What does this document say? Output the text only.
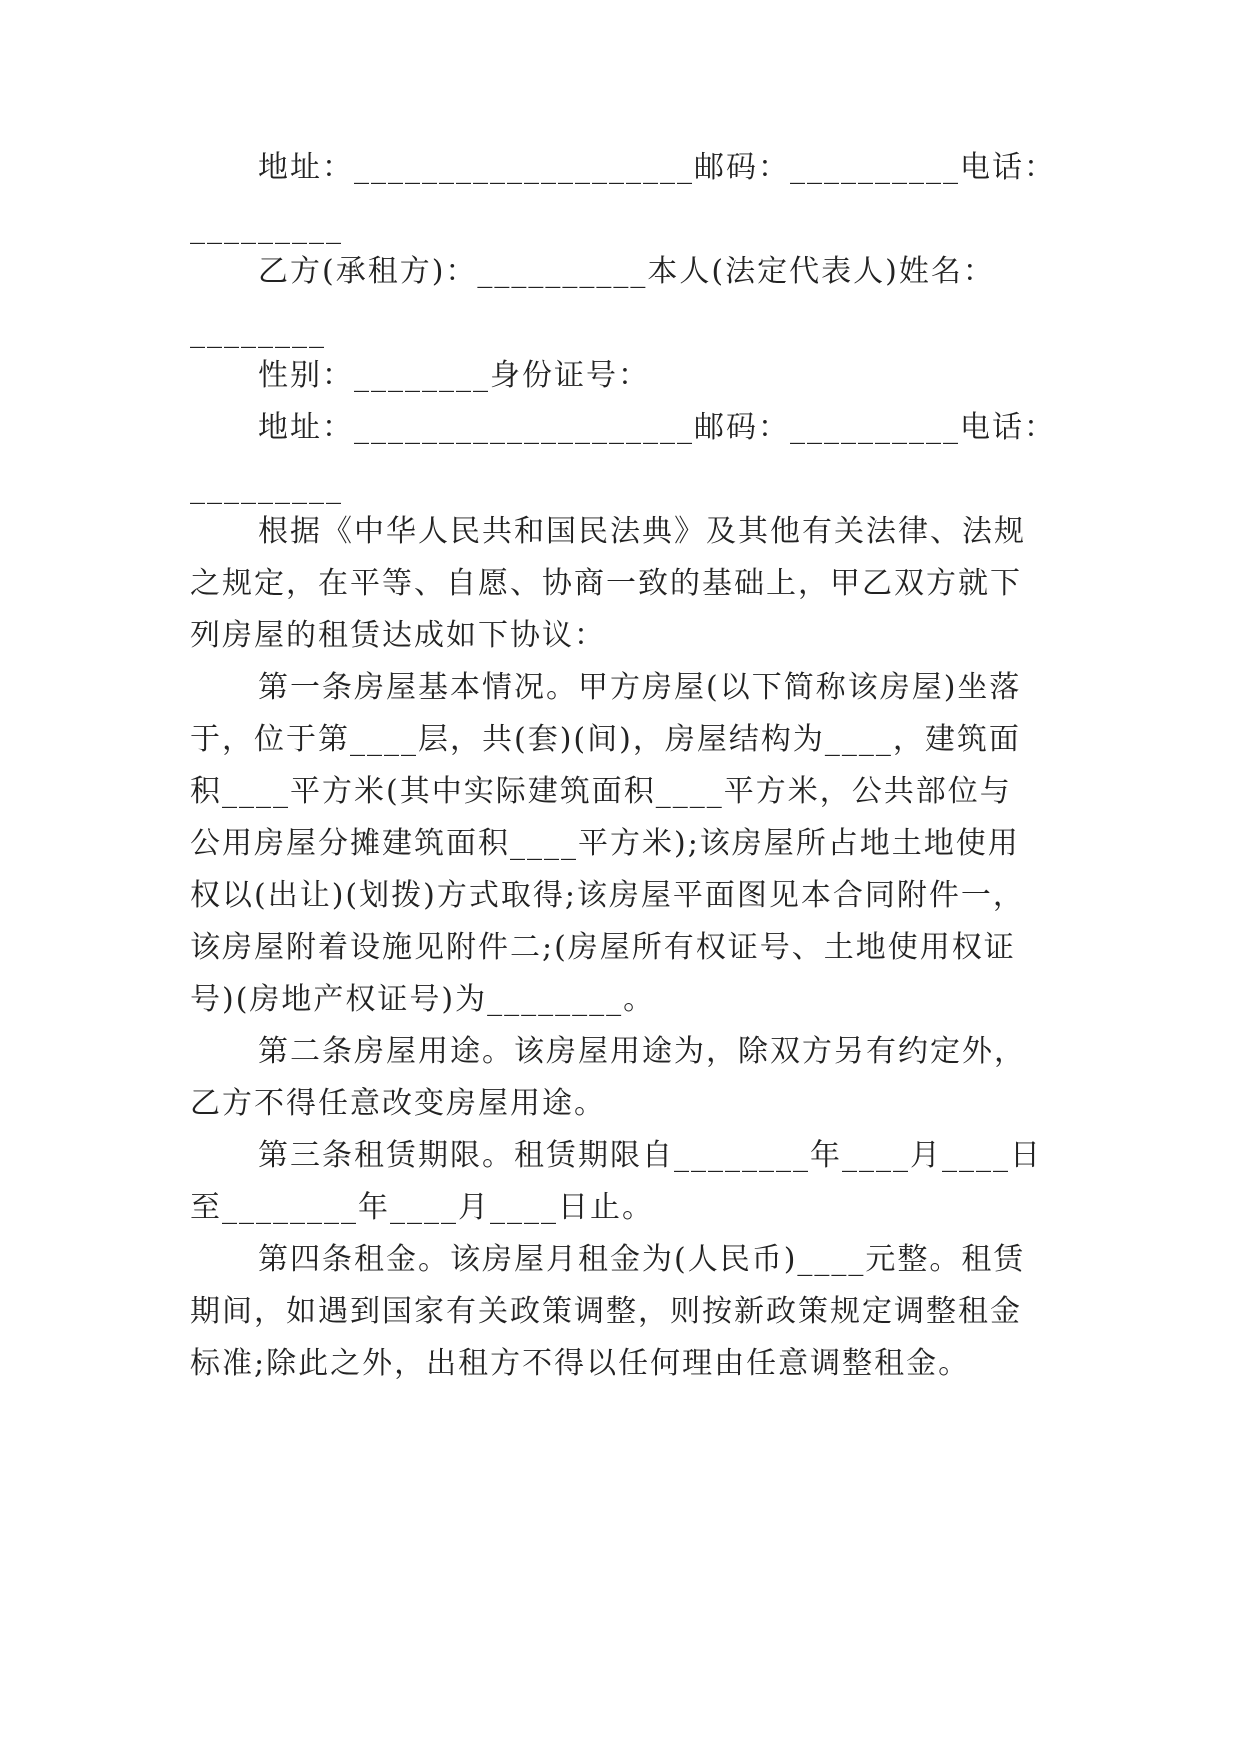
地址：____________________邮码：__________电话：
_________
乙方(承租方)：__________本人(法定代表人)姓名：
________
性别：________身份证号：
地址：____________________邮码：__________电话：
_________
根据《中华人民共和国民法典》及其他有关法律、法规
之规定，在平等、自愿、协商一致的基础上，甲乙双方就下
列房屋的租赁达成如下协议：
第一条房屋基本情况。甲方房屋(以下简称该房屋)坐落
于，位于第____层，共(套)(间)，房屋结构为____，建筑面
积____平方米(其中实际建筑面积____平方米，公共部位与
公用房屋分摊建筑面积____平方米);该房屋所占地土地使用
权以(出让)(划拨)方式取得;该房屋平面图见本合同附件一，
该房屋附着设施见附件二;(房屋所有权证号、土地使用权证
号)(房地产权证号)为________。
第二条房屋用途。该房屋用途为，除双方另有约定外，
乙方不得任意改变房屋用途。
第三条租赁期限。租赁期限自________年____月____日
至________年____月____日止。
第四条租金。该房屋月租金为(人民币)____元整。租赁
期间，如遇到国家有关政策调整，则按新政策规定调整租金
标准;除此之外，出租方不得以任何理由任意调整租金。
